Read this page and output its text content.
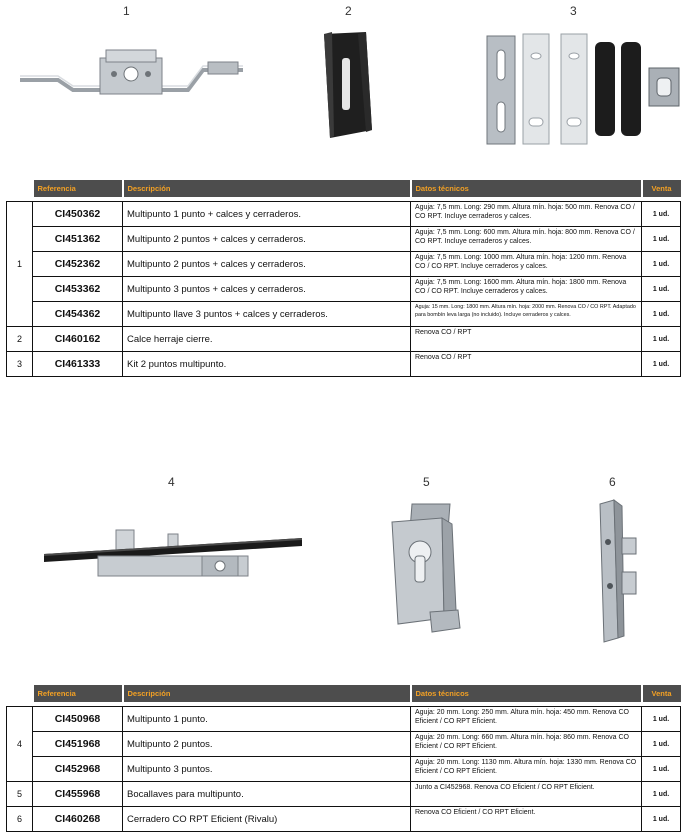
1	2	3
	Referencia	Descripción	Datos técnicos	Venta

1	CI450362	Multipunto 1 punto + calces y cerraderos.	Aguja: 7,5 mm. Long: 290 mm. Altura mín. hoja: 500 mm. Renova CO / CO RPT. Incluye cerraderos y calces.	1 ud.
	CI451362	Multipunto 2 puntos + calces y cerraderos.	Aguja: 7,5 mm. Long: 600 mm. Altura mín. hoja: 800 mm. Renova CO / CO RPT. Incluye cerraderos y calces.	1 ud.
	CI452362	Multipunto 2 puntos + calces y cerraderos.	Aguja: 7,5 mm. Long: 1000 mm. Altura mín. hoja: 1200 mm. Renova CO / CO RPT. Incluye cerraderos y calces.	1 ud.
	CI453362	Multipunto 3 puntos + calces y cerraderos.	Aguja: 7,5 mm. Long: 1600 mm. Altura mín. hoja: 1800 mm. Renova CO / CO RPT. Incluye cerraderos y calces.	1 ud.
	CI454362	Multipunto llave 3 puntos + calces y cerraderos.	Aguja: 15 mm. Long: 1800 mm. Altura mín. hoja: 2000 mm. Renova CO / CO RPT. Adaptado para bombín leva larga (no incluido). Incluye cerraderos y calces.	1 ud.
2	CI460162	Calce herraje cierre.	Renova CO / RPT	1 ud.
3	CI461333	Kit 2 puntos multipunto.	Renova CO / RPT	1 ud.
4	5	6
	Referencia	Descripción	Datos técnicos	Venta

4	CI450968	Multipunto 1 punto.	Aguja: 20 mm. Long: 250 mm. Altura mín. hoja: 450 mm. Renova CO Eficient / CO RPT Eficient.	1 ud.
	CI451968	Multipunto 2 puntos.	Aguja: 20 mm. Long: 660 mm. Altura mín. hoja: 860 mm. Renova CO Eficient / CO RPT Eficient.	1 ud.
	CI452968	Multipunto 3 puntos.	Aguja: 20 mm. Long: 1130 mm. Altura mín. hoja: 1330 mm. Renova CO Eficient / CO RPT Eficient.	1 ud.
5	CI455968	Bocallaves para multipunto.	Junto a CI452968. Renova CO Eficient / CO RPT Eficient.	1 ud.
6	CI460268	Cerradero CO RPT Eficient (Rivalu)	Renova CO Eficient / CO RPT Eficient.	1 ud.
